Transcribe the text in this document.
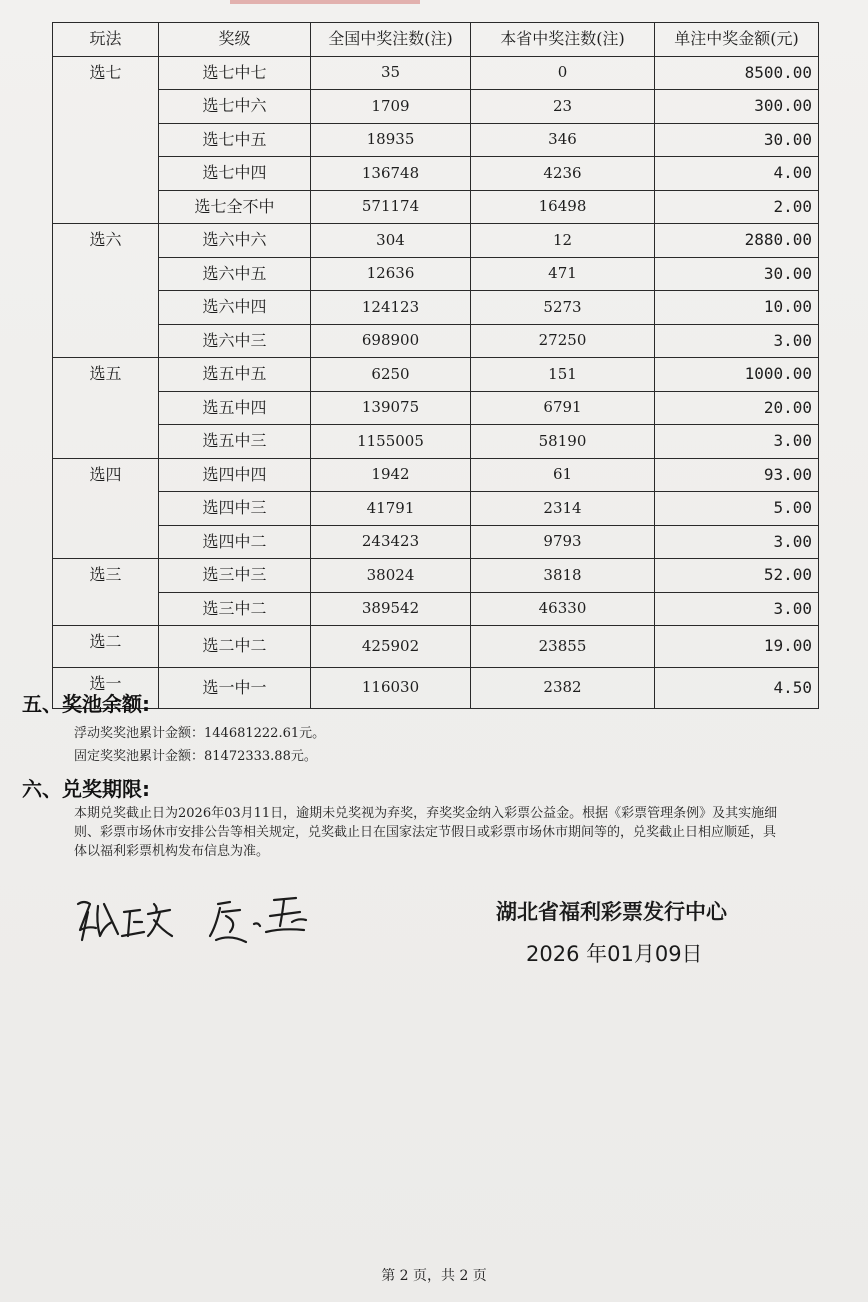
玩法	奖级	全国中奖注数(注)	本省中奖注数(注)	单注中奖金额(元)
选七	选七中七	35	0	8500.00
	选七中六	1709	23	300.00
	选七中五	18935	346	30.00
	选七中四	136748	4236	4.00
	选七全不中	571174	16498	2.00
选六	选六中六	304	12	2880.00
	选六中五	12636	471	30.00
	选六中四	124123	5273	10.00
	选六中三	698900	27250	3.00
选五	选五中五	6250	151	1000.00
	选五中四	139075	6791	20.00
	选五中三	1155005	58190	3.00
选四	选四中四	1942	61	93.00
	选四中三	41791	2314	5.00
	选四中二	243423	9793	3.00
选三	选三中三	38024	3818	52.00
	选三中二	389542	46330	3.00
选二	选二中二	425902	23855	19.00
选一	选一中一	116030	2382	4.50
五、奖池余额:
浮动奖奖池累计金额：144681222.61元。
固定奖奖池累计金额：81472333.88元。
六、兑奖期限:
本期兑奖截止日为2026年03月11日，逾期未兑奖视为弃奖，弃奖奖金纳入彩票公益金。根据《彩票管理条例》及其实施细则、彩票市场休市安排公告等相关规定，兑奖截止日在国家法定节假日或彩票市场休市期间等的，兑奖截止日相应顺延，具体以福利彩票机构发布信息为准。
湖北省福利彩票发行中心
2026 年01月09日
第 2 页，共 2 页
